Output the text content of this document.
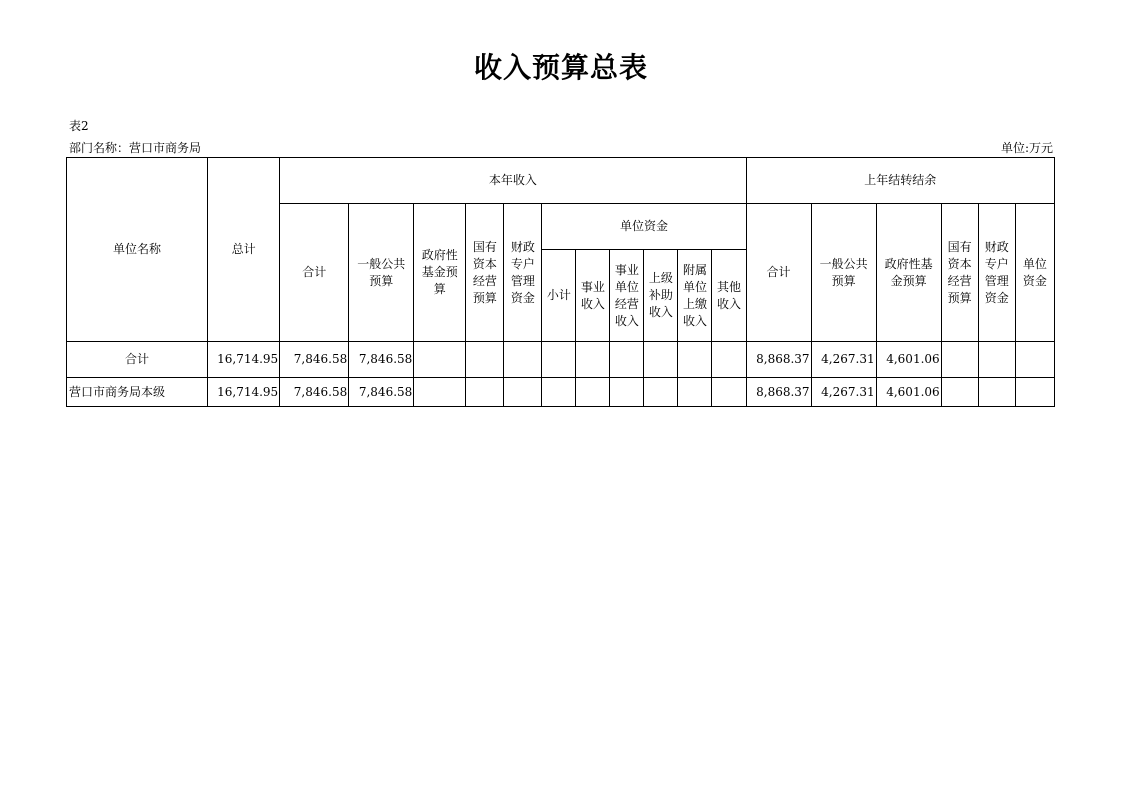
收入预算总表
表2
部门名称：营口市商务局	单位:万元
单位名称	总计	本年收入											上年结转结余					
		合计	一般公共预算	政府性基金预算	国有资本经营预算	财政专户管理资金	单位资金						合计	一般公共预算	政府性基金预算	国有资本经营预算	财政专户管理资金	单位资金

							小计	事业收入	事业单位经营收入	上级补助收入	附属单位上缴收入	其他收入						

合计	16,714.95	7,846.58	7,846.58										8,868.37	4,267.31	4,601.06			
营口市商务局本级	16,714.95	7,846.58	7,846.58										8,868.37	4,267.31	4,601.06			
